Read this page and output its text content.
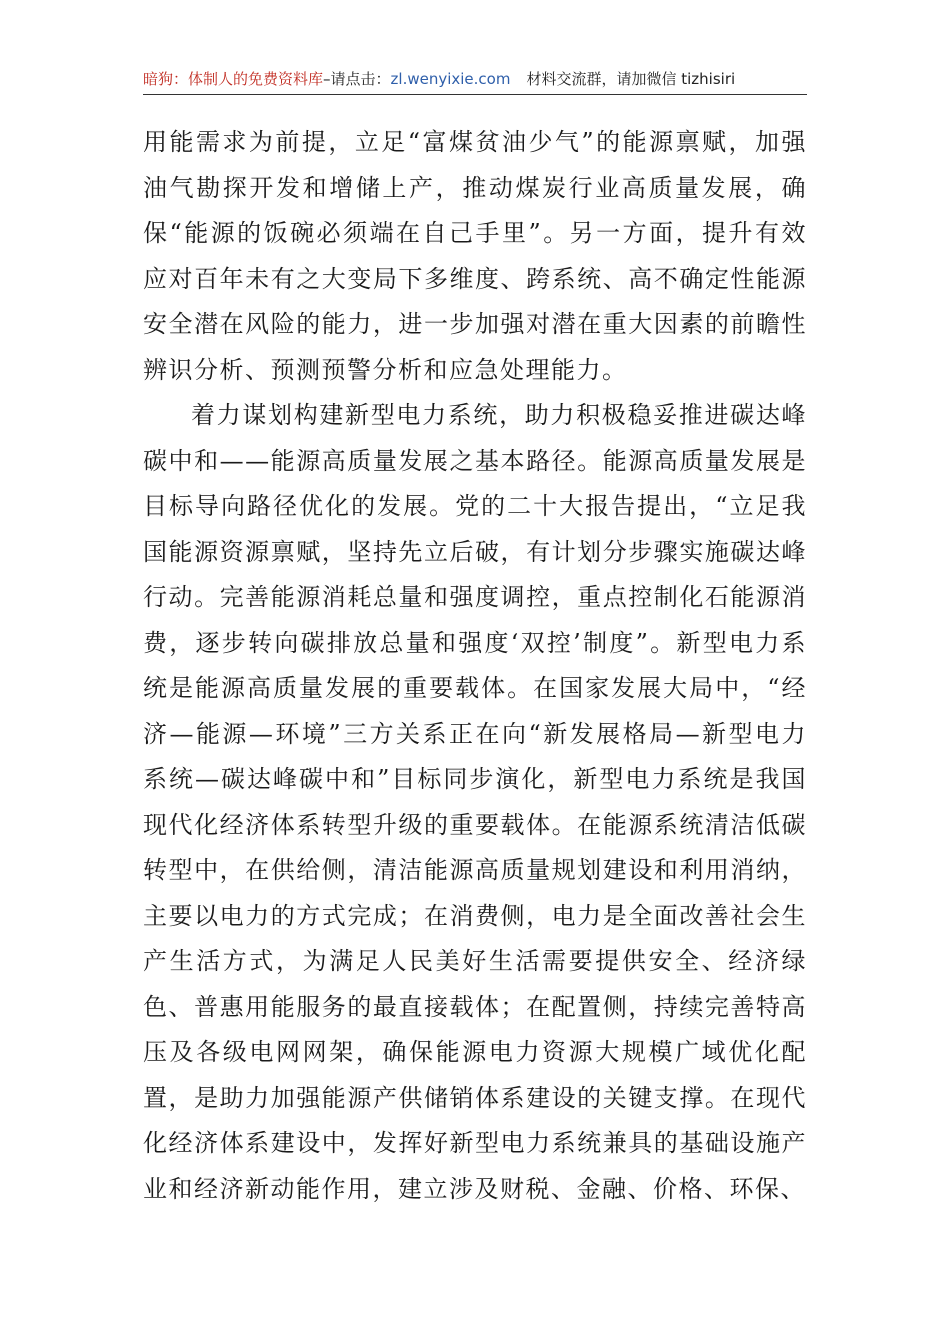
暗狗：体制人的免费资料库–请点击：zl.wenyixie.com 材料交流群，请加微信 tizhisiri

用能需求为前提，立足“富煤贫油少气”的能源禀赋，加强油气勘探开发和增储上产，推动煤炭行业高质量发展，确保“能源的饭碗必须端在自己手里”。另一方面，提升有效应对百年未有之大变局下多维度、跨系统、高不确定性能源安全潜在风险的能力，进一步加强对潜在重大因素的前瞻性辨识分析、预测预警分析和应急处理能力。

着力谋划构建新型电力系统，助力积极稳妥推进碳达峰碳中和——能源高质量发展之基本路径。能源高质量发展是目标导向路径优化的发展。党的二十大报告提出，“立足我国能源资源禀赋，坚持先立后破，有计划分步骤实施碳达峰行动。完善能源消耗总量和强度调控，重点控制化石能源消费，逐步转向碳排放总量和强度‘双控’制度”。新型电力系统是能源高质量发展的重要载体。在国家发展大局中，“经济—能源—环境”三方关系正在向“新发展格局—新型电力系统—碳达峰碳中和”目标同步演化，新型电力系统是我国现代化经济体系转型升级的重要载体。在能源系统清洁低碳转型中，在供给侧，清洁能源高质量规划建设和利用消纳，主要以电力的方式完成；在消费侧，电力是全面改善社会生产生活方式，为满足人民美好生活需要提供安全、经济绿色、普惠用能服务的最直接载体；在配置侧，持续完善特高压及各级电网网架，确保能源电力资源大规模广域优化配置，是助力加强能源产供储销体系建设的关键支撑。在现代化经济体系建设中，发挥好新型电力系统兼具的基础设施产业和经济新动能作用，建立涉及财税、金融、价格、环保、
